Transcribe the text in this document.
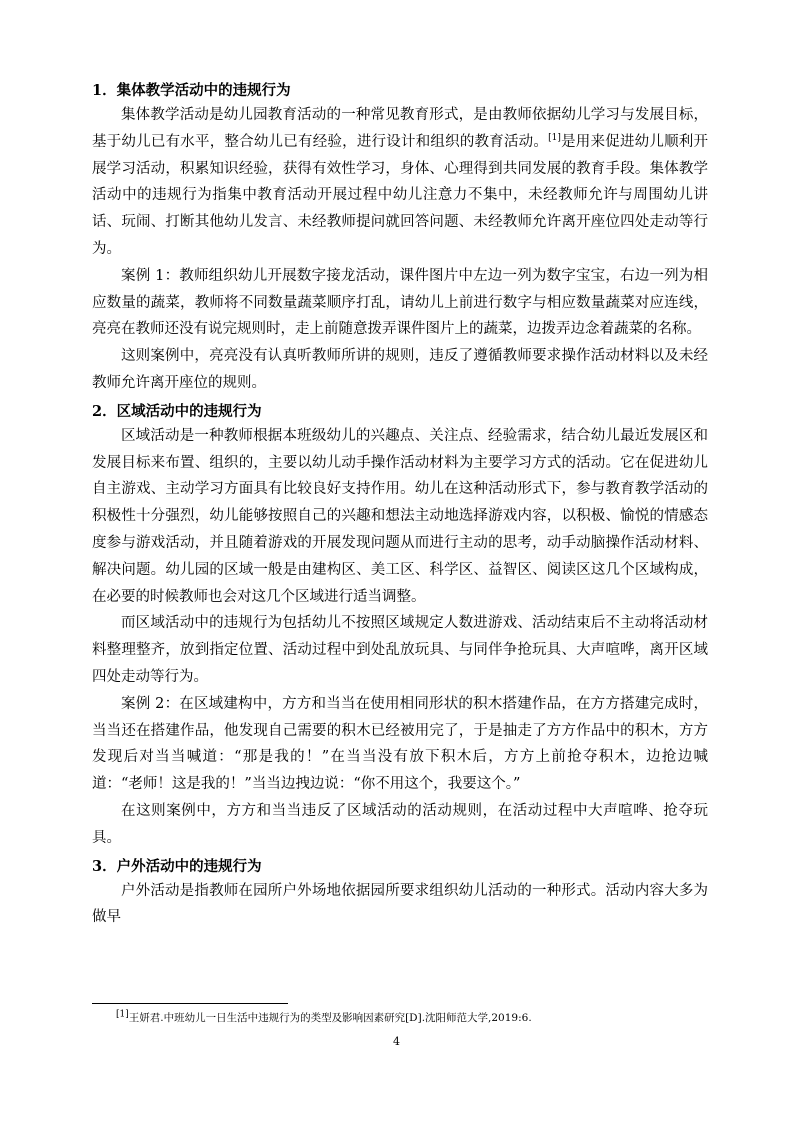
1．集体教学活动中的违规行为

集体教学活动是幼儿园教育活动的一种常见教育形式，是由教师依据幼儿学习与发展目标，基于幼儿已有水平，整合幼儿已有经验，进行设计和组织的教育活动。[1]是用来促进幼儿顺利开展学习活动，积累知识经验，获得有效性学习，身体、心理得到共同发展的教育手段。集体教学活动中的违规行为指集中教育活动开展过程中幼儿注意力不集中，未经教师允许与周围幼儿讲话、玩闹、打断其他幼儿发言、未经教师提问就回答问题、未经教师允许离开座位四处走动等行为。

案例 1：教师组织幼儿开展数字接龙活动，课件图片中左边一列为数字宝宝，右边一列为相应数量的蔬菜，教师将不同数量蔬菜顺序打乱，请幼儿上前进行数字与相应数量蔬菜对应连线，亮亮在教师还没有说完规则时，走上前随意拨弄课件图片上的蔬菜，边拨弄边念着蔬菜的名称。

这则案例中，亮亮没有认真听教师所讲的规则，违反了遵循教师要求操作活动材料以及未经教师允许离开座位的规则。

2．区域活动中的违规行为

区域活动是一种教师根据本班级幼儿的兴趣点、关注点、经验需求，结合幼儿最近发展区和发展目标来布置、组织的，主要以幼儿动手操作活动材料为主要学习方式的活动。它在促进幼儿自主游戏、主动学习方面具有比较良好支持作用。幼儿在这种活动形式下，参与教育教学活动的积极性十分强烈，幼儿能够按照自己的兴趣和想法主动地选择游戏内容，以积极、愉悦的情感态度参与游戏活动，并且随着游戏的开展发现问题从而进行主动的思考，动手动脑操作活动材料、解决问题。幼儿园的区域一般是由建构区、美工区、科学区、益智区、阅读区这几个区域构成，在必要的时候教师也会对这几个区域进行适当调整。

而区域活动中的违规行为包括幼儿不按照区域规定人数进游戏、活动结束后不主动将活动材料整理整齐，放到指定位置、活动过程中到处乱放玩具、与同伴争抢玩具、大声喧哗，离开区域四处走动等行为。

案例 2：在区域建构中，方方和当当在使用相同形状的积木搭建作品，在方方搭建完成时，当当还在搭建作品，他发现自己需要的积木已经被用完了，于是抽走了方方作品中的积木，方方发现后对当当喊道：“那是我的！”在当当没有放下积木后，方方上前抢夺积木，边抢边喊道：“老师！这是我的！”当当边拽边说：“你不用这个，我要这个。”

在这则案例中，方方和当当违反了区域活动的活动规则，在活动过程中大声喧哗、抢夺玩具。

3．户外活动中的违规行为

户外活动是指教师在园所户外场地依据园所要求组织幼儿活动的一种形式。活动内容大多为做早

[1]王妍君.中班幼儿一日生活中违规行为的类型及影响因素研究[D].沈阳师范大学,2019:6.
4
